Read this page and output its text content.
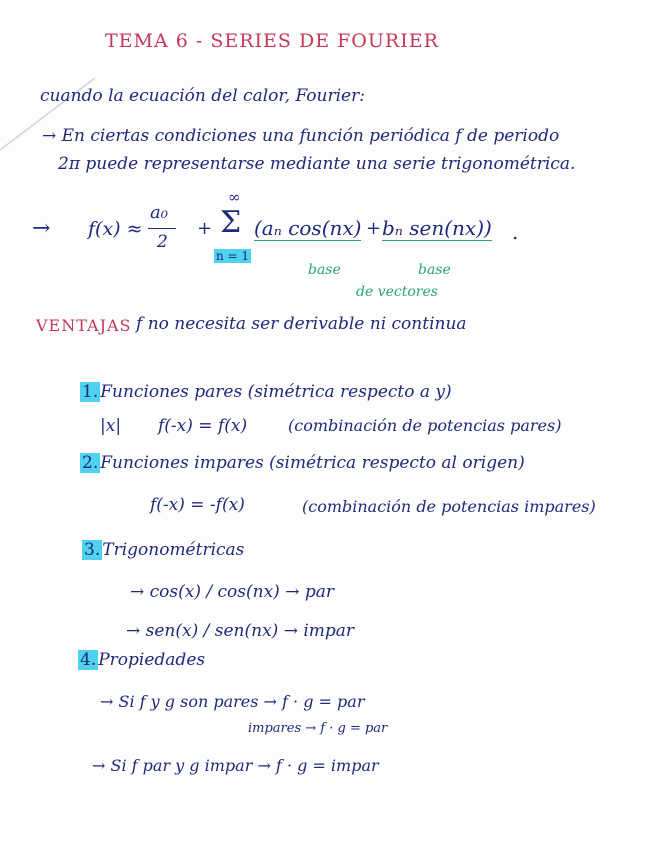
TEMA 6 - SERIES DE FOURIER
cuando la ecuación del calor, Fourier:
→ En ciertas condiciones una función periódica f de periodo
2π puede representarse mediante una serie trigonométrica.
→ f(x) ≈
a₀
2
+
∞
Σ
n = 1
(aₙ cos(nx) + bₙ sen(nx)) .
base	base
de vectores
VENTAJAS f no necesita ser derivable ni continua
1. Funciones pares (simétrica respecto a y)
|x| f(-x) = f(x)	(combinación de potencias pares)
2. Funciones impares (simétrica respecto al origen)
f(-x) = -f(x)	(combinación de potencias impares)
3. Trigonométricas
→ cos(x) / cos(nx) → par
→ sen(x) / sen(nx) → impar
4. Propiedades
→ Si f y g son pares → f · g = par
impares → f · g = par
→ Si f par y g impar → f · g = impar
